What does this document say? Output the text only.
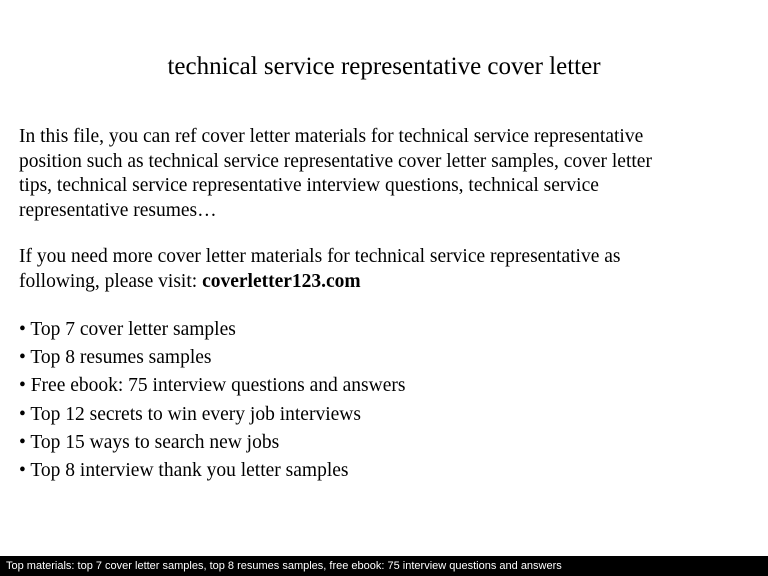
technical service representative cover letter
In this file, you can ref cover letter materials for technical service representative
position such as technical service representative cover letter samples, cover letter
tips, technical service representative interview questions, technical service
representative resumes…
If you need more cover letter materials for technical service representative as
following, please visit: coverletter123.com
• Top 7 cover letter samples
• Top 8 resumes samples
• Free ebook: 75 interview questions and answers
• Top 12 secrets to win every job interviews
• Top 15 ways to search new jobs
• Top 8 interview thank you letter samples
Top materials: top 7 cover letter samples, top 8 resumes samples, free ebook: 75 interview questions and answers
